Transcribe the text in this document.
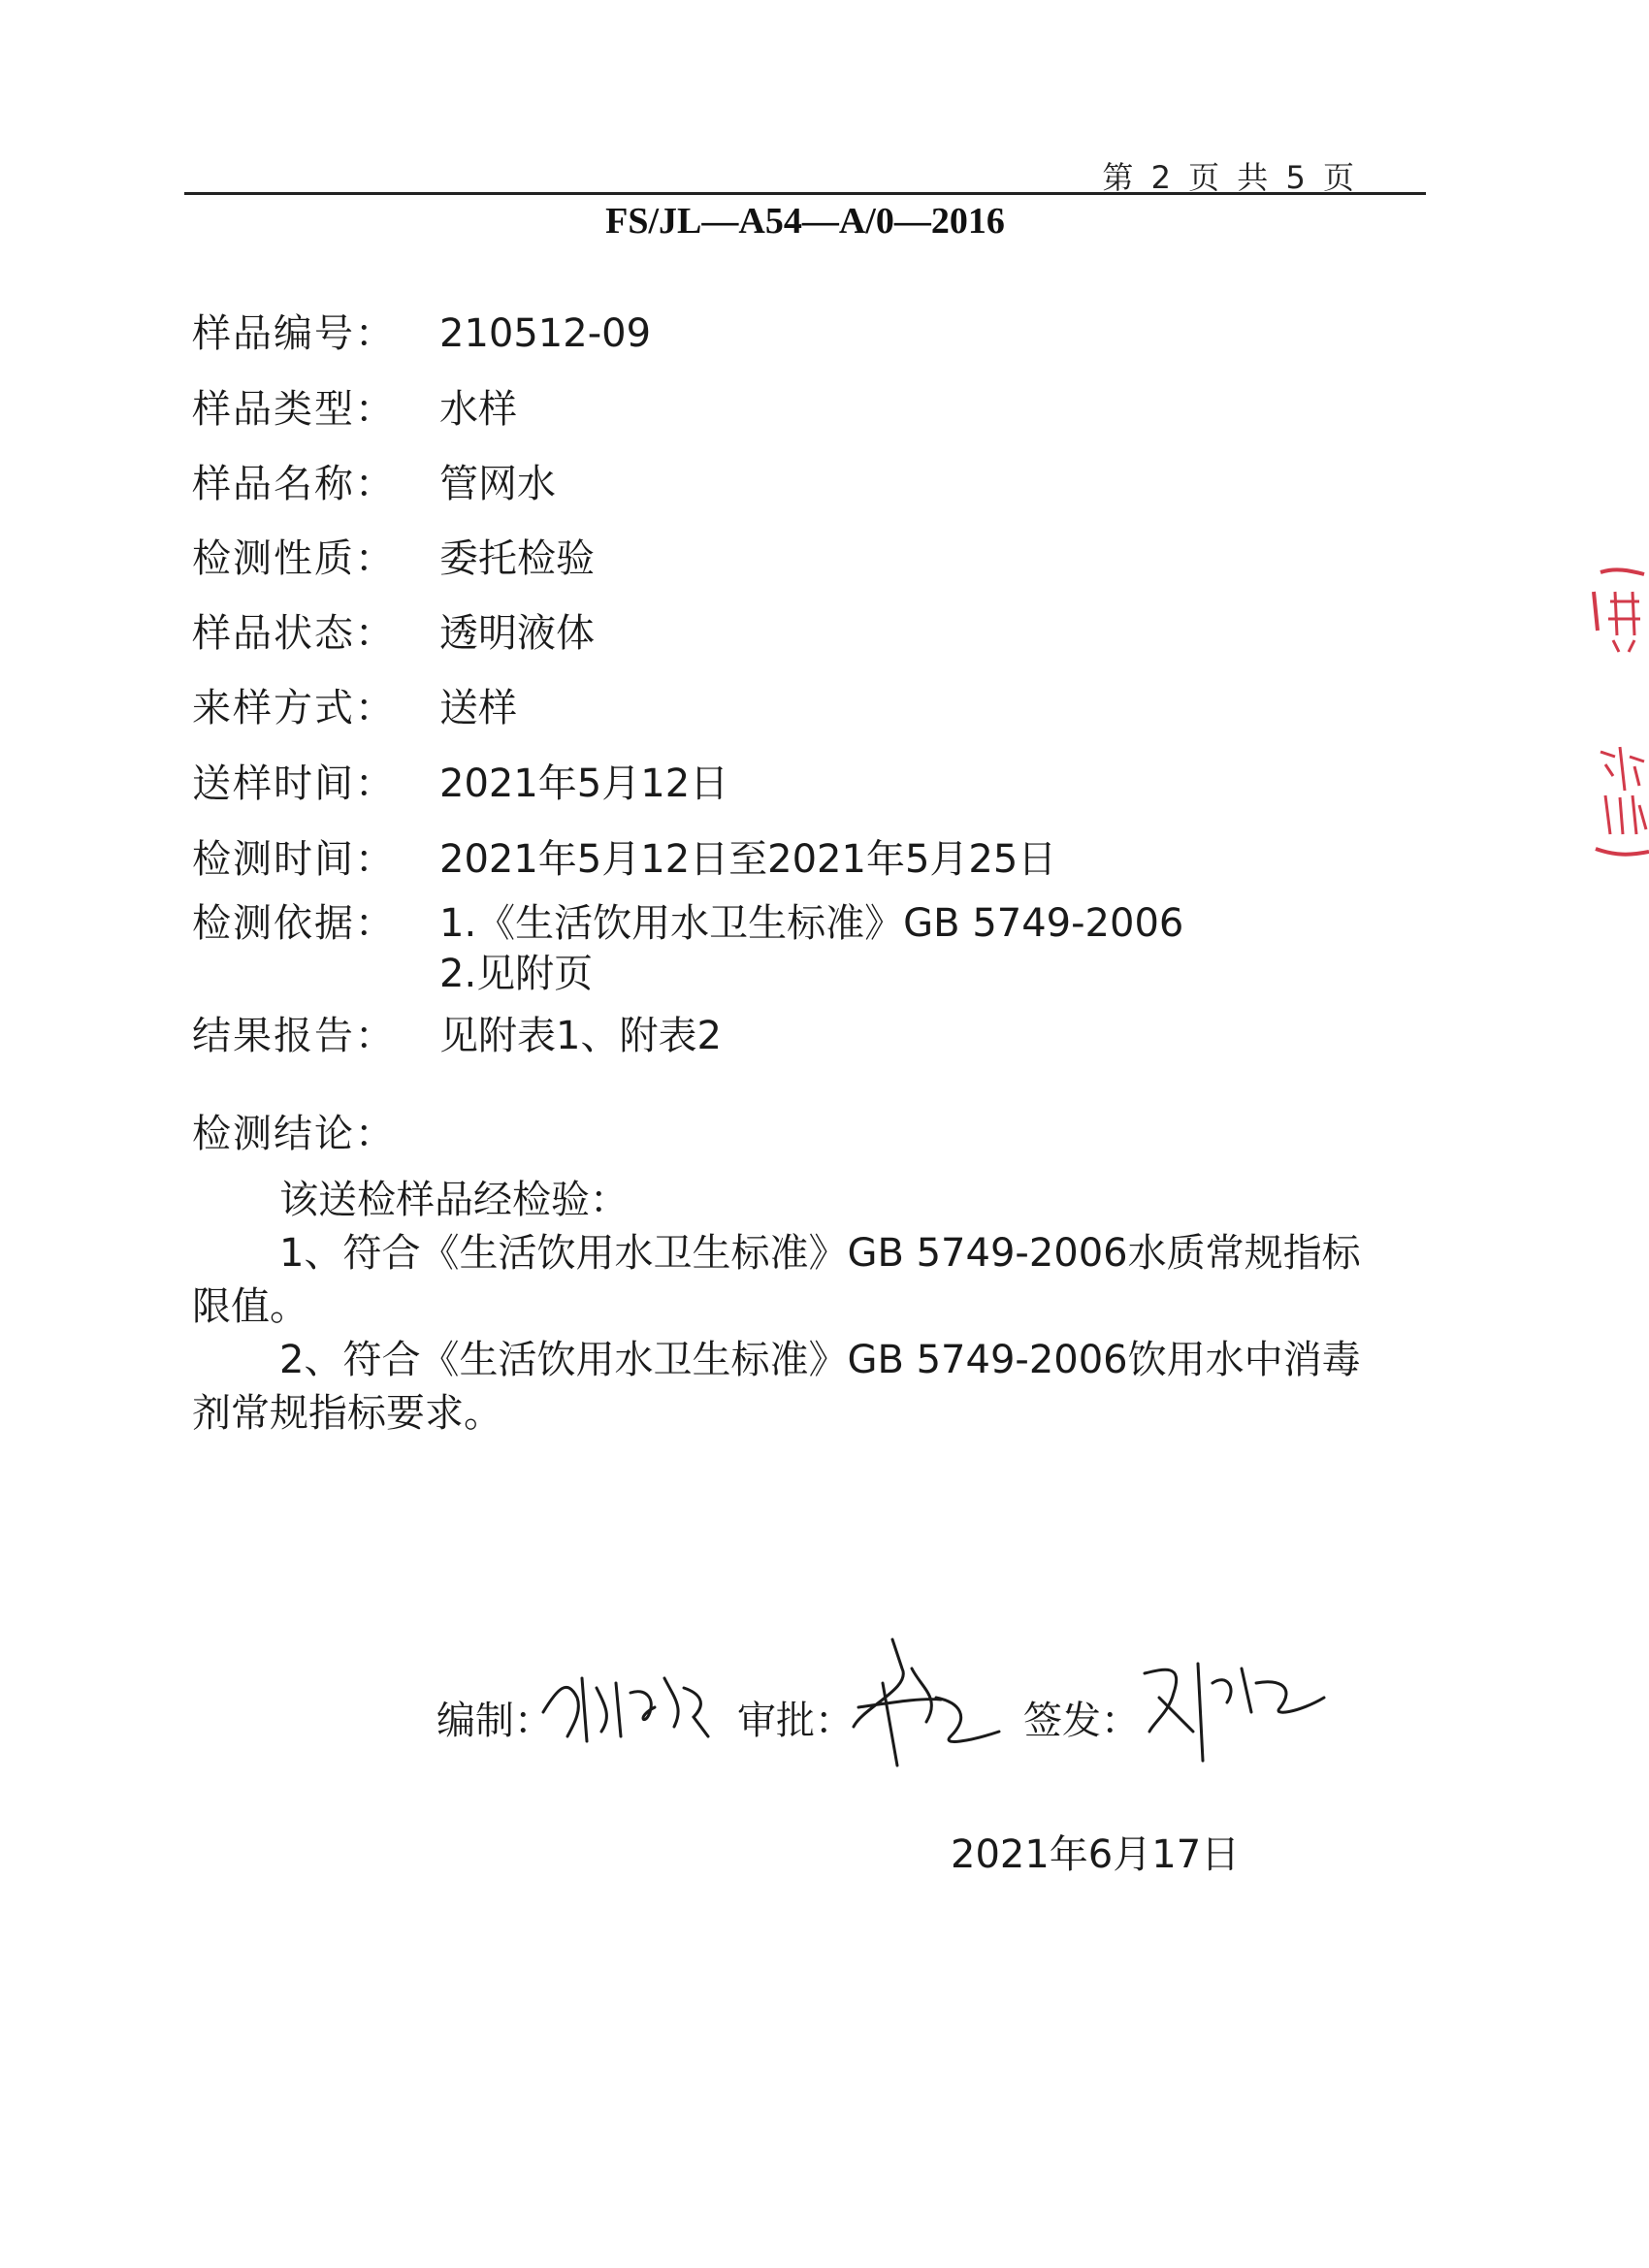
第 2 页 共 5 页
FS/JL—A54—A/0—2016
样品编号：	210512-09
样品类型：	水样
样品名称：	管网水
检测性质：	委托检验
样品状态：	透明液体
来样方式：	送样
送样时间：	2021年5月12日
检测时间：	2021年5月12日至2021年5月25日
检测依据：	1.《生活饮用水卫生标准》GB 5749-2006
2.见附页
结果报告：	见附表1、附表2
检测结论：
该送检样品经检验：
1、符合《生活饮用水卫生标准》GB 5749-2006水质常规指标限值。
2、符合《生活饮用水卫生标准》GB 5749-2006饮用水中消毒剂常规指标要求。
编制：	审批：	签发：
2021年6月17日
